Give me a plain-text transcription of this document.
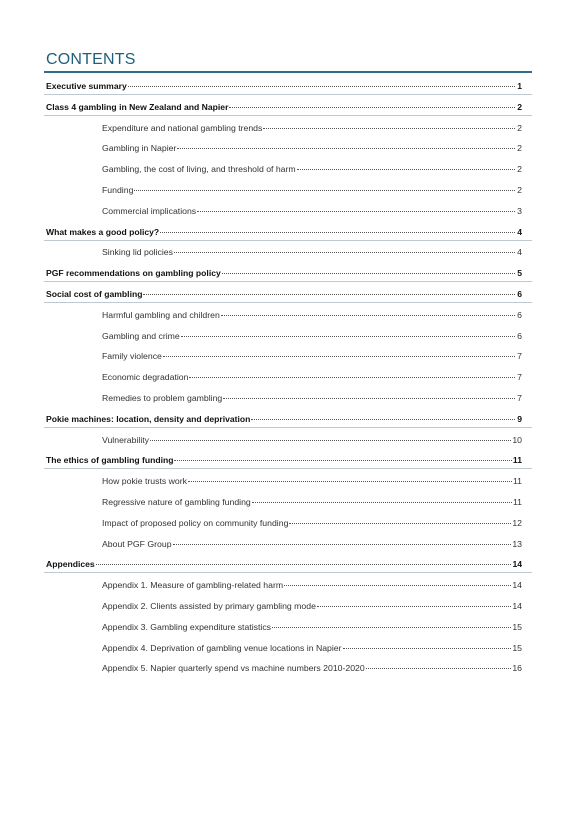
CONTENTS
Executive summary	1
Class 4 gambling in New Zealand and Napier	2
Expenditure and national gambling trends	2
Gambling in Napier	2
Gambling, the cost of living, and threshold of harm	2
Funding	2
Commercial implications	3
What makes a good policy?	4
Sinking lid policies	4
PGF recommendations on gambling policy	5
Social cost of gambling	6
Harmful gambling and children	6
Gambling and crime	6
Family violence	7
Economic degradation	7
Remedies to problem gambling	7
Pokie machines: location, density and deprivation	9
Vulnerability	10
The ethics of gambling funding	11
How pokie trusts work	11
Regressive nature of gambling funding	11
Impact of proposed policy on community funding	12
About PGF Group	13
Appendices	14
Appendix 1. Measure of gambling-related harm	14
Appendix 2. Clients assisted by primary gambling mode	14
Appendix 3. Gambling expenditure statistics	15
Appendix 4. Deprivation of gambling venue locations in Napier	15
Appendix 5. Napier quarterly spend vs machine numbers 2010-2020	16
